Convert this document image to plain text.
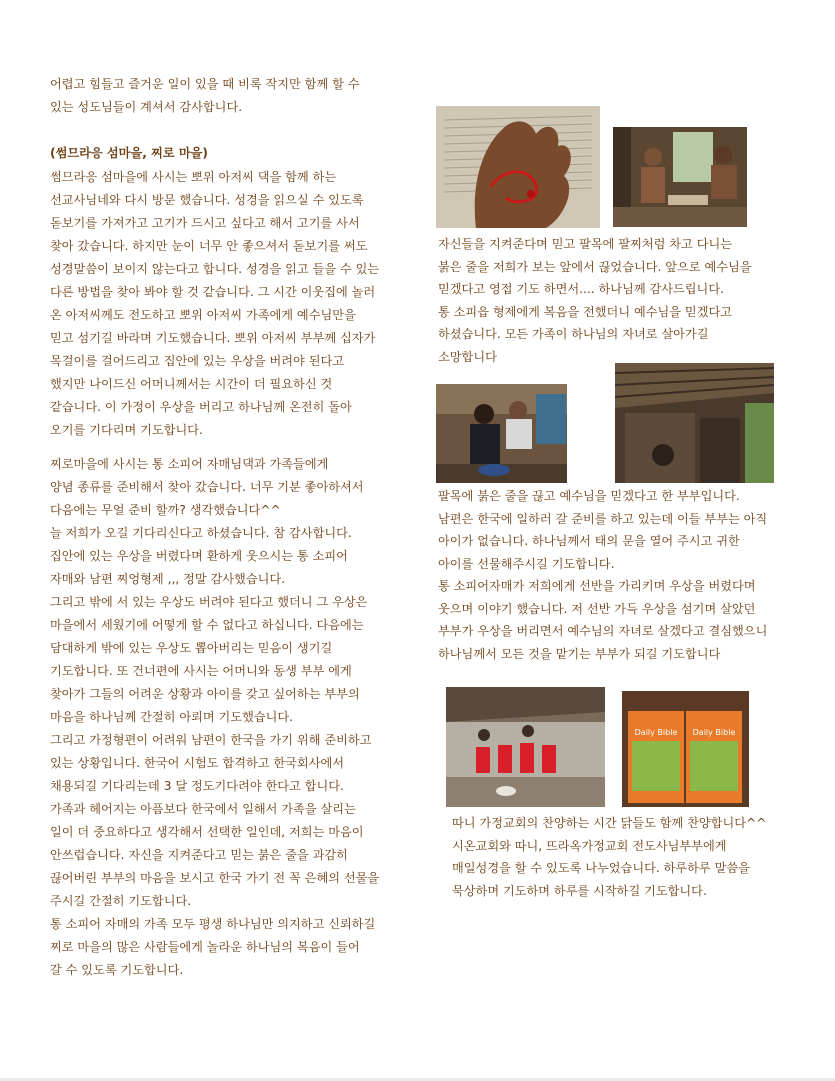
어렵고 힘들고 즐거운 일이 있을 때 비록 작지만 함께 할 수

있는 성도님들이 계셔서 감사합니다.

(썸므라응 섬마을, 찌로 마을)

썸므라응 섬마을에 사시는 뽀위 아저씨 댁을 함께 하는

선교사님네와 다시 방문 했습니다. 성경을 읽으실 수 있도록

돋보기를 가져가고 고기가 드시고 싶다고 해서 고기를 사서

찾아 갔습니다. 하지만 눈이 너무 안 좋으셔서 돋보기를 써도

성경말씀이 보이지 않는다고 합니다. 성경을 읽고 들을 수 있는

다른 방법을 찾아 봐야 할 것 같습니다. 그 시간 이웃집에 놀러

온 아저씨께도 전도하고 뽀위 아저씨 가족에게 예수님만을

믿고 섬기길 바라며 기도했습니다. 뽀위 아저씨 부부께 십자가

목걸이를 걸어드리고 집안에 있는 우상을 버려야 된다고

했지만 나이드신 어머니께서는 시간이 더 필요하신 것

같습니다. 이 가정이 우상을 버리고 하나님께 온전히 돌아

오기를 기다리며 기도합니다.

찌로마을에 사시는 통 소피어 자매님댁과 가족들에게

양념 종류를 준비해서 찾아 갔습니다. 너무 기분 좋아하셔서

다음에는 무얼 준비 할까? 생각했습니다^^

늘 저희가 오길 기다리신다고 하셨습니다. 참 감사합니다.

집안에 있는 우상을 버렸다며 환하게 웃으시는 통 소피어

자매와 남편 찌엉형제 ,,, 정말 감사했습니다.

그리고 밖에 서 있는 우상도 버려야 된다고 했더니 그 우상은

마을에서 세웠기에 어떻게 할 수 없다고 하십니다. 다음에는

담대하게 밖에 있는 우상도 뽑아버리는 믿음이 생기길

기도합니다. 또 건너편에 사시는 어머니와 동생 부부 에게

찾아가 그들의 어려운 상황과 아이를 갖고 싶어하는 부부의

마음을 하나님께 간절히 아뢰며 기도했습니다.

그리고 가정형편이 어려워 남편이 한국을 가기 위해 준비하고

있는 상황입니다. 한국어 시험도 합격하고 한국회사에서

채용되길 기다리는데 3 달 정도기다려야 한다고 합니다.

가족과 헤어지는 아픔보다 한국에서 일해서 가족을 살리는

일이 더 중요하다고 생각해서 선택한 일인데, 저희는 마음이

안쓰럽습니다. 자신을 지켜준다고 믿는 붉은 줄을 과감히

끊어버린 부부의 마음을 보시고 한국 가기 전 꼭 은혜의 선물을

주시길 간절히 기도합니다.

통 소피어 자매의 가족 모두 평생 하나님만 의지하고 신뢰하길

찌로 마을의 많은 사람들에게 놀라운 하나님의 복음이 들어

갈 수 있도록 기도합니다.

자신들을 지켜준다며 믿고 팔목에 팔찌처럼 차고 다니는

붉은 줄을 저희가 보는 앞에서 끊었습니다. 앞으로 예수님을

믿겠다고 영접 기도 하면서.... 하나님께 감사드립니다.

통 소피읍 형제에게 복음을 전했더니 예수님을 믿겠다고

하셨습니다. 모든 가족이 하나님의 자녀로 살아가길

소망합니다

팔목에 붉은 줄을 끊고 예수님을 믿겠다고 한 부부입니다.

남편은 한국에 일하러 갈 준비를 하고 있는데 이들 부부는 아직

아이가 없습니다. 하나님께서 태의 문을 열어 주시고 귀한

아이를 선물해주시길 기도합니다.

통 소피어자매가 저희에게 선반을 가리키며 우상을 버렸다며

웃으며 이야기 했습니다. 저 선반 가득 우상을 섬기며 살았던

부부가 우상을 버리면서 예수님의 자녀로 살겠다고 결심했으니

하나님께서 모든 것을 맡기는 부부가 되길 기도합니다

Daily Bible Daily Bible

따니 가정교회의 찬양하는 시간 닭들도 함께 찬양합니다^^

시온교회와 따니, 뜨라옥가정교회 전도사님부부에게

매일성경을 할 수 있도록 나누었습니다. 하루하루 말씀을

묵상하며 기도하며 하루를 시작하길 기도합니다.
